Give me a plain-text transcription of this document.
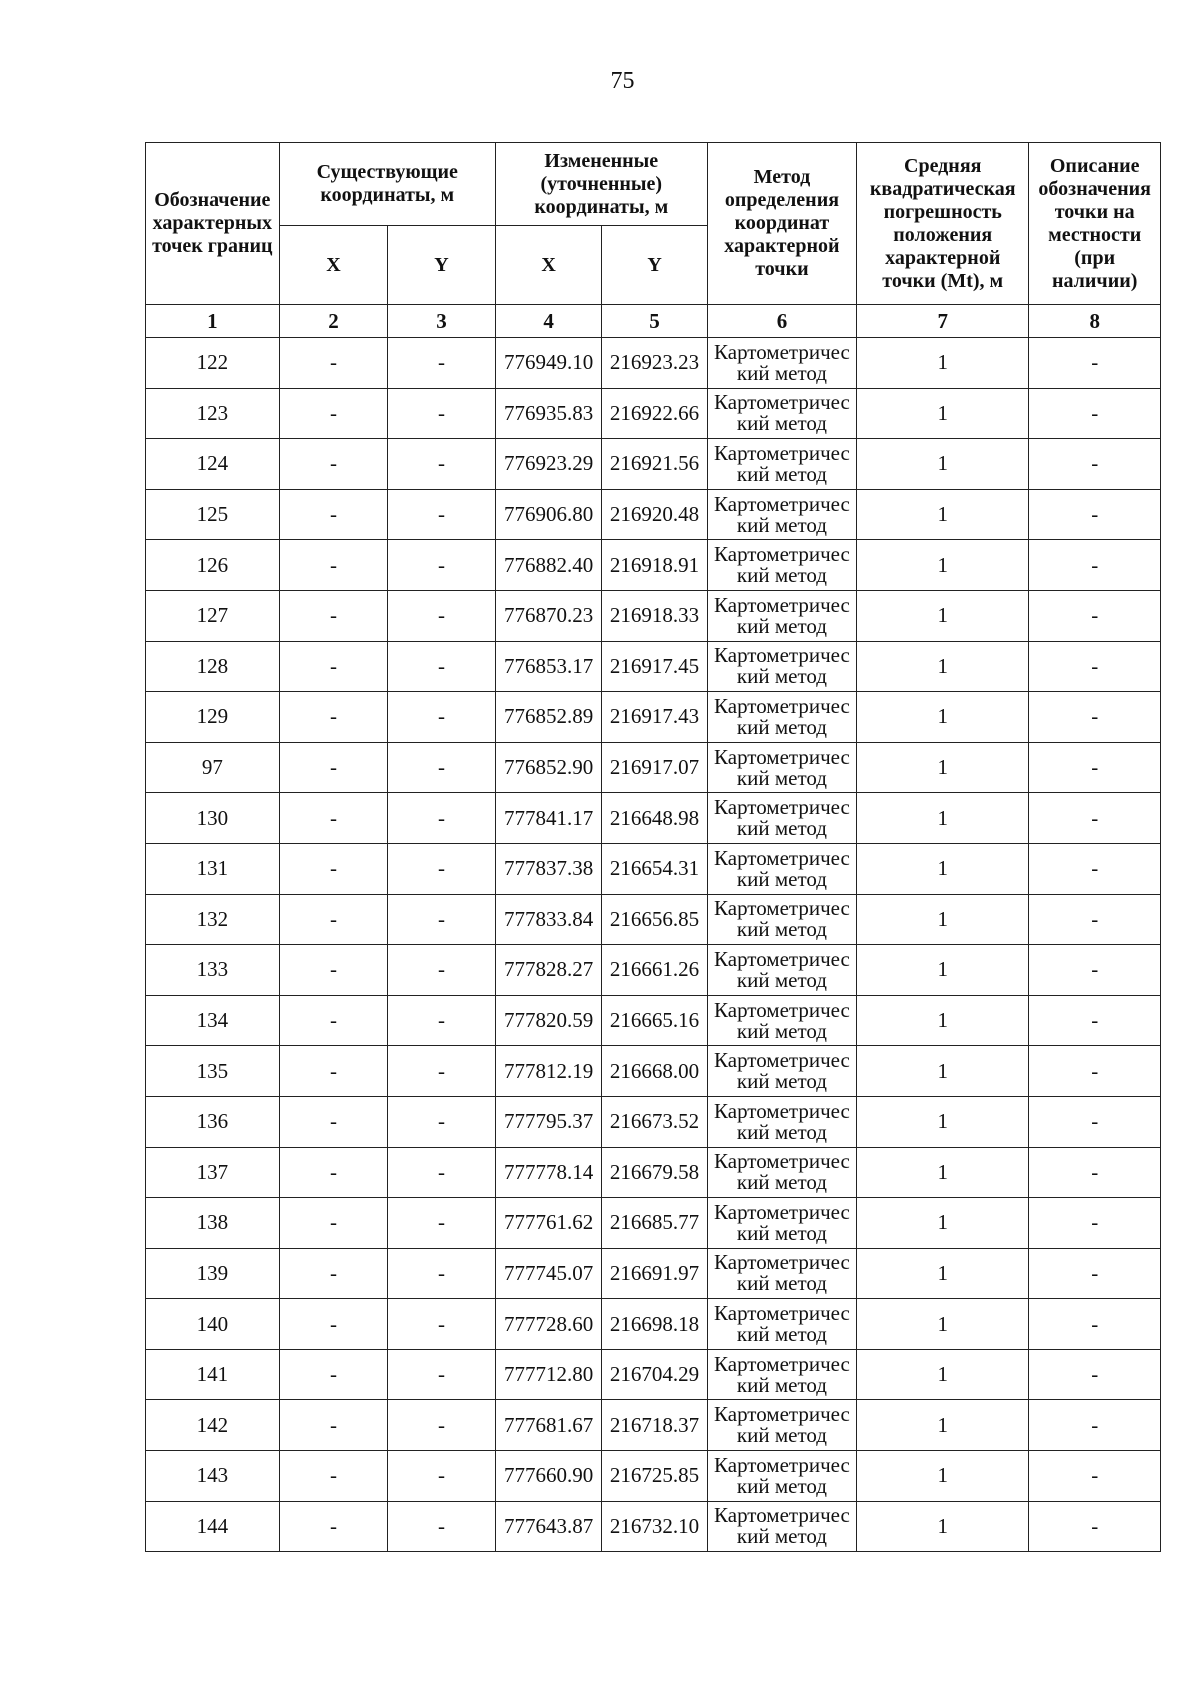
75
Обозначение характерных точек границ	Существующие координаты, м		Измененные (уточненные) координаты, м		Метод определения координат характерной точки	Средняя квадратическая погрешность положения характерной точки (Mt), м	Описание обозначения точки на местности (при наличии)
	X	Y	X	Y			
1	2	3	4	5	6	7	8
122	-	-	776949.10	216923.23	Картометричес кий метод	1	-
123	-	-	776935.83	216922.66	Картометричес кий метод	1	-
124	-	-	776923.29	216921.56	Картометричес кий метод	1	-
125	-	-	776906.80	216920.48	Картометричес кий метод	1	-
126	-	-	776882.40	216918.91	Картометричес кий метод	1	-
127	-	-	776870.23	216918.33	Картометричес кий метод	1	-
128	-	-	776853.17	216917.45	Картометричес кий метод	1	-
129	-	-	776852.89	216917.43	Картометричес кий метод	1	-
97	-	-	776852.90	216917.07	Картометричес кий метод	1	-
130	-	-	777841.17	216648.98	Картометричес кий метод	1	-
131	-	-	777837.38	216654.31	Картометричес кий метод	1	-
132	-	-	777833.84	216656.85	Картометричес кий метод	1	-
133	-	-	777828.27	216661.26	Картометричес кий метод	1	-
134	-	-	777820.59	216665.16	Картометричес кий метод	1	-
135	-	-	777812.19	216668.00	Картометричес кий метод	1	-
136	-	-	777795.37	216673.52	Картометричес кий метод	1	-
137	-	-	777778.14	216679.58	Картометричес кий метод	1	-
138	-	-	777761.62	216685.77	Картометричес кий метод	1	-
139	-	-	777745.07	216691.97	Картометричес кий метод	1	-
140	-	-	777728.60	216698.18	Картометричес кий метод	1	-
141	-	-	777712.80	216704.29	Картометричес кий метод	1	-
142	-	-	777681.67	216718.37	Картометричес кий метод	1	-
143	-	-	777660.90	216725.85	Картометричес кий метод	1	-
144	-	-	777643.87	216732.10	Картометричес кий метод	1	-
